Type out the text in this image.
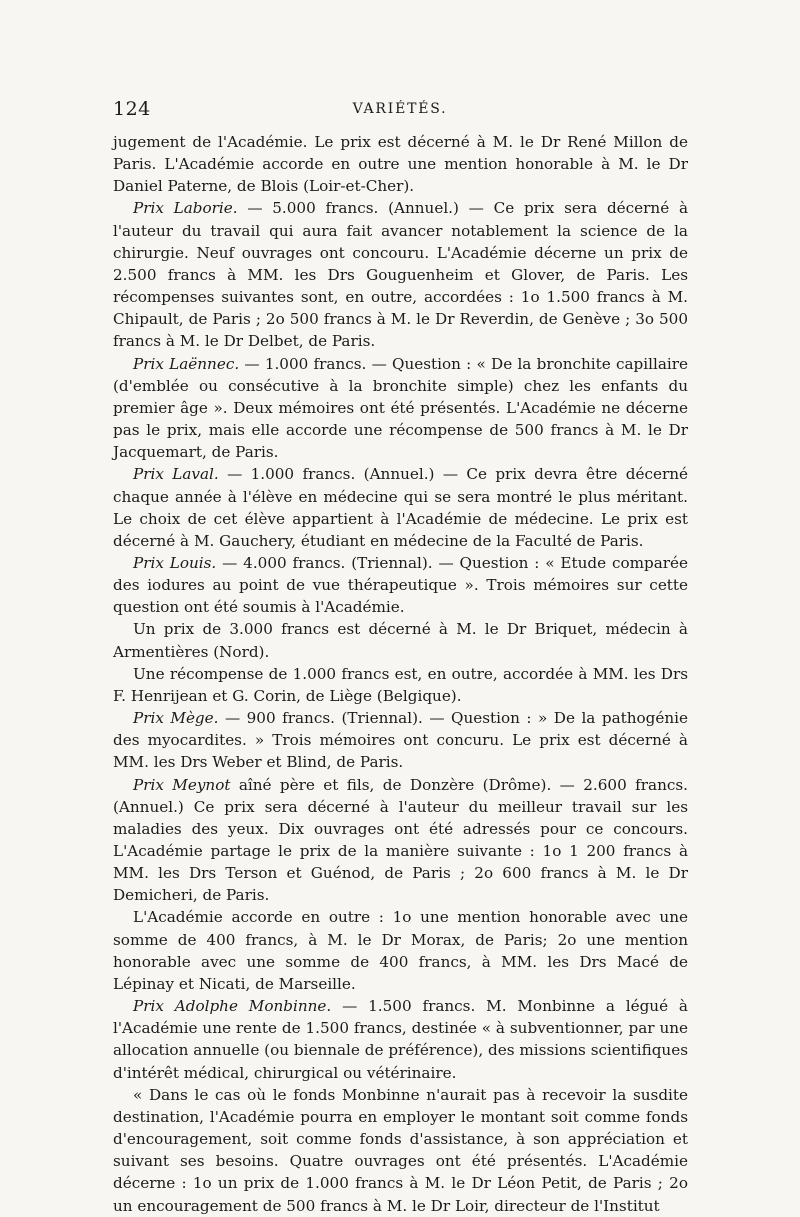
124	VARIÉTÉS.

jugement de l'Académie. Le prix est décerné à M. le Dr René Millon de Paris. L'Académie accorde en outre une mention honorable à M. le Dr Daniel Paterne, de Blois (Loir-et-Cher).

Prix Laborie. — 5.000 francs. (Annuel.) — Ce prix sera décerné à l'auteur du travail qui aura fait avancer notablement la science de la chirurgie. Neuf ouvrages ont concouru. L'Académie décerne un prix de 2.500 francs à MM. les Drs Gouguenheim et Glover, de Paris. Les récompenses suivantes sont, en outre, accordées : 1o 1.500 francs à M. Chipault, de Paris ; 2o 500 francs à M. le Dr Reverdin, de Genève ; 3o 500 francs à M. le Dr Delbet, de Paris.

Prix Laënnec. — 1.000 francs. — Question : « De la bronchite capillaire (d'emblée ou consécutive à la bronchite simple) chez les enfants du premier âge ». Deux mémoires ont été présentés. L'Académie ne décerne pas le prix, mais elle accorde une récompense de 500 francs à M. le Dr Jacquemart, de Paris.

Prix Laval. — 1.000 francs. (Annuel.) — Ce prix devra être décerné chaque année à l'élève en médecine qui se sera montré le plus méritant. Le choix de cet élève appartient à l'Académie de médecine. Le prix est décerné à M. Gauchery, étudiant en médecine de la Faculté de Paris.

Prix Louis. — 4.000 francs. (Triennal). — Question : « Etude comparée des iodures au point de vue thérapeutique ». Trois mémoires sur cette question ont été soumis à l'Académie.

Un prix de 3.000 francs est décerné à M. le Dr Briquet, médecin à Armentières (Nord).

Une récompense de 1.000 francs est, en outre, accordée à MM. les Drs F. Henrijean et G. Corin, de Liège (Belgique).

Prix Mège. — 900 francs. (Triennal). — Question : » De la pathogénie des myocardites. » Trois mémoires ont concuru. Le prix est décerné à MM. les Drs Weber et Blind, de Paris.

Prix Meynot aîné père et fils, de Donzère (Drôme). — 2.600 francs. (Annuel.) Ce prix sera décerné à l'auteur du meilleur travail sur les maladies des yeux. Dix ouvrages ont été adressés pour ce concours. L'Académie partage le prix de la manière suivante : 1o 1 200 francs à MM. les Drs Terson et Guénod, de Paris ; 2o 600 francs à M. le Dr Demicheri, de Paris.

L'Académie accorde en outre : 1o une mention honorable avec une somme de 400 francs, à M. le Dr Morax, de Paris; 2o une mention honorable avec une somme de 400 francs, à MM. les Drs Macé de Lépinay et Nicati, de Marseille.

Prix Adolphe Monbinne. — 1.500 francs. M. Monbinne a légué à l'Académie une rente de 1.500 francs, destinée « à subventionner, par une allocation annuelle (ou biennale de préférence), des missions scientifiques d'intérêt médical, chirurgical ou vétérinaire.

« Dans le cas où le fonds Monbinne n'aurait pas à recevoir la susdite destination, l'Académie pourra en employer le montant soit comme fonds d'encouragement, soit comme fonds d'assistance, à son appréciation et suivant ses besoins. Quatre ouvrages ont été présentés. L'Académie décerne : 1o un prix de 1.000 francs à M. le Dr Léon Petit, de Paris ; 2o un encouragement de 500 francs à M. le Dr Loir, directeur de l'Institut
